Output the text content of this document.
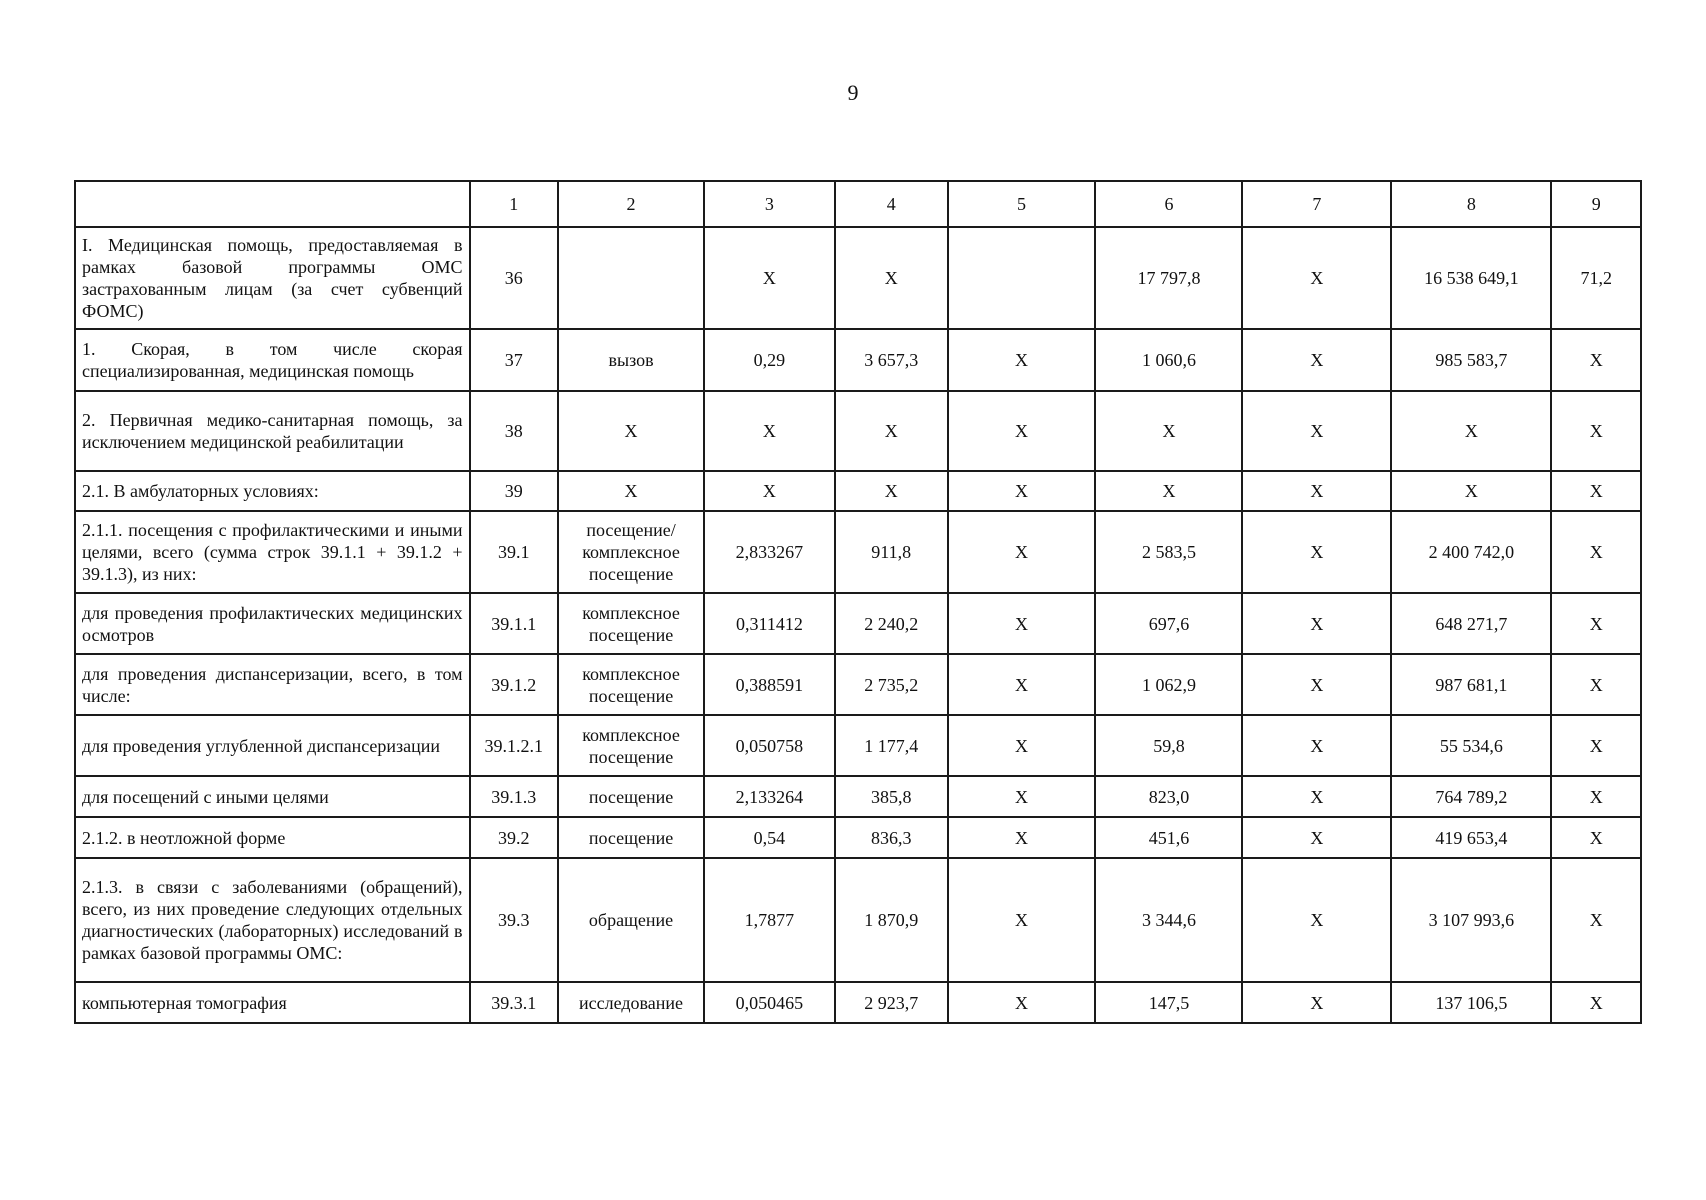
9
	1	2	3	4	5	6	7	8	9
I. Медицинская помощь, предоставляемая в рамках базовой программы ОМС застрахованным лицам (за счет субвенций ФОМС)	36		X	X		17 797,8	X	16 538 649,1	71,2
1. Скорая, в том числе скорая специализированная, медицинская помощь	37	вызов	0,29	3 657,3	X	1 060,6	X	985 583,7	X
2. Первичная медико-санитарная помощь, за исключением медицинской реабилитации	38	X	X	X	X	X	X	X	X
2.1. В амбулаторных условиях:	39	X	X	X	X	X	X	X	X
2.1.1. посещения с профилактическими и иными целями, всего (сумма строк 39.1.1 + 39.1.2 + 39.1.3), из них:	39.1	посещение/ комплексное посещение	2,833267	911,8	X	2 583,5	X	2 400 742,0	X
для проведения профилактических медицинских осмотров	39.1.1	комплексное посещение	0,311412	2 240,2	X	697,6	X	648 271,7	X
для проведения диспансеризации, всего, в том числе:	39.1.2	комплексное посещение	0,388591	2 735,2	X	1 062,9	X	987 681,1	X
для проведения углубленной диспансеризации	39.1.2.1	комплексное посещение	0,050758	1 177,4	X	59,8	X	55 534,6	X
для посещений с иными целями	39.1.3	посещение	2,133264	385,8	X	823,0	X	764 789,2	X
2.1.2. в неотложной форме	39.2	посещение	0,54	836,3	X	451,6	X	419 653,4	X
2.1.3. в связи с заболеваниями (обращений), всего, из них проведение следующих отдельных диагностических (лабораторных) исследований в рамках базовой программы ОМС:	39.3	обращение	1,7877	1 870,9	X	3 344,6	X	3 107 993,6	X
компьютерная томография	39.3.1	исследование	0,050465	2 923,7	X	147,5	X	137 106,5	X
